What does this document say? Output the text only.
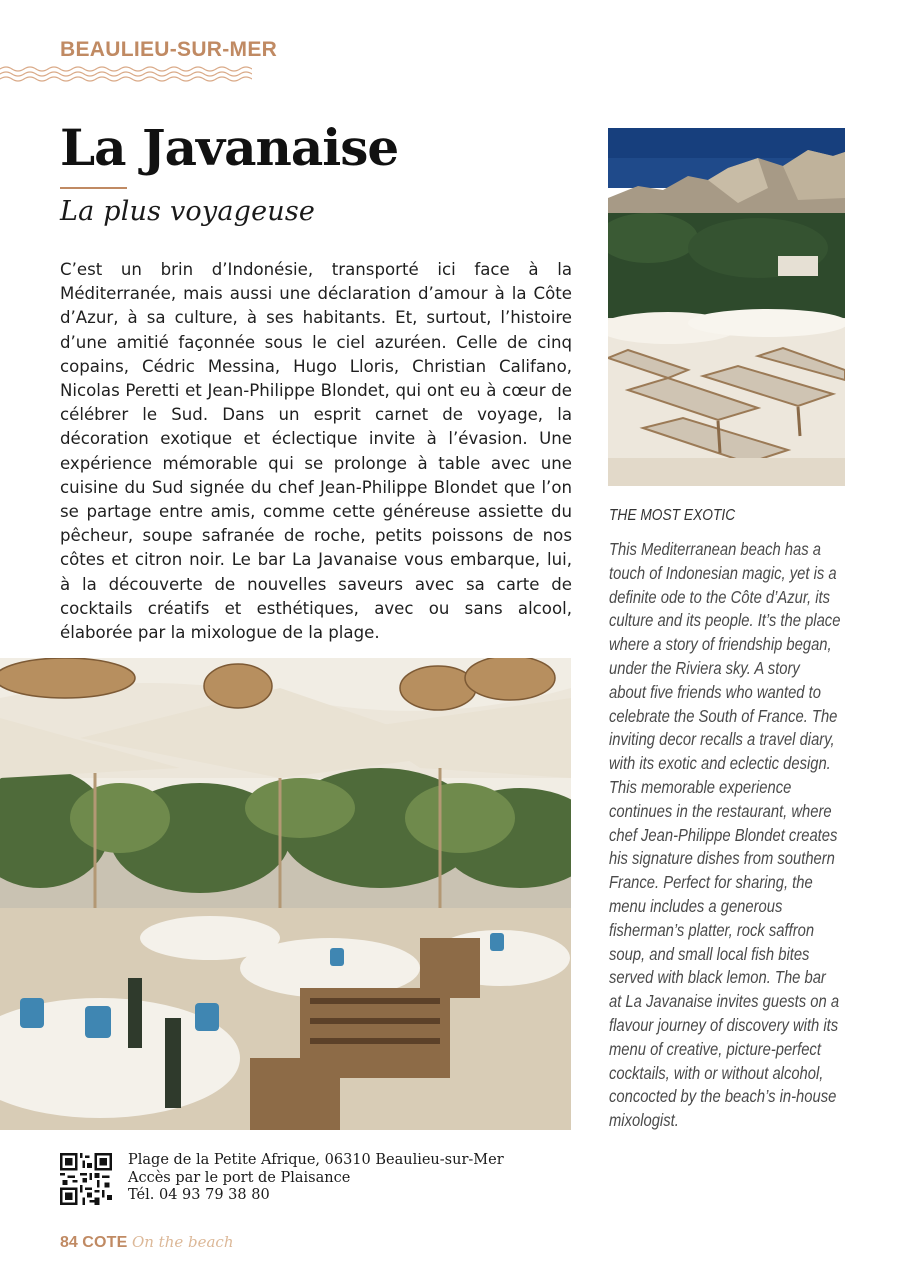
BEAULIEU-SUR-MER
La Javanaise
La plus voyageuse

C’est un brin d’Indonésie, transporté ici face à la Méditerranée, mais aussi une déclaration d’amour à la Côte d’Azur, à sa culture, à ses habitants. Et, surtout, l’histoire d’une amitié façonnée sous le ciel azuréen. Celle de cinq copains, Cédric Messina, Hugo Lloris, Christian Califano, Nicolas Peretti et Jean-Philippe Blondet, qui ont eu à cœur de célébrer le Sud. Dans un esprit carnet de voyage, la décoration exotique et éclectique invite à l’évasion. Une expérience mémorable qui se prolonge à table avec une cuisine du Sud signée du chef Jean-Philippe Blondet que l’on se partage entre amis, comme cette généreuse assiette du pêcheur, soupe safranée de roche, petits poissons de nos côtes et citron noir. Le bar La Javanaise vous embarque, lui, à la découverte de nouvelles saveurs avec sa carte de cocktails créatifs et esthétiques, avec ou sans alcool, élaborée par la mixologue de la plage.

THE MOST EXOTIC

This Mediterranean beach has a touch of Indonesian magic, yet is a definite ode to the Côte d’Azur, its culture and its people. It’s the place where a story of friendship began, under the Riviera sky. A story about five friends who wanted to celebrate the South of France. The inviting decor recalls a travel diary, with its exotic and eclectic design. This memorable experience continues in the restaurant, where chef Jean-Philippe Blondet creates his signature dishes from southern France. Perfect for sharing, the menu includes a generous fisherman’s platter, rock saffron soup, and small local fish bites served with black lemon. The bar at La Javanaise invites guests on a flavour journey of discovery with its menu of creative, picture-perfect cocktails, with or without alcohol, concocted by the beach’s in-house mixologist.

Plage de la Petite Afrique, 06310 Beaulieu-sur-Mer
Accès par le port de Plaisance
Tél. 04 93 79 38 80
84 COTE On the beach
